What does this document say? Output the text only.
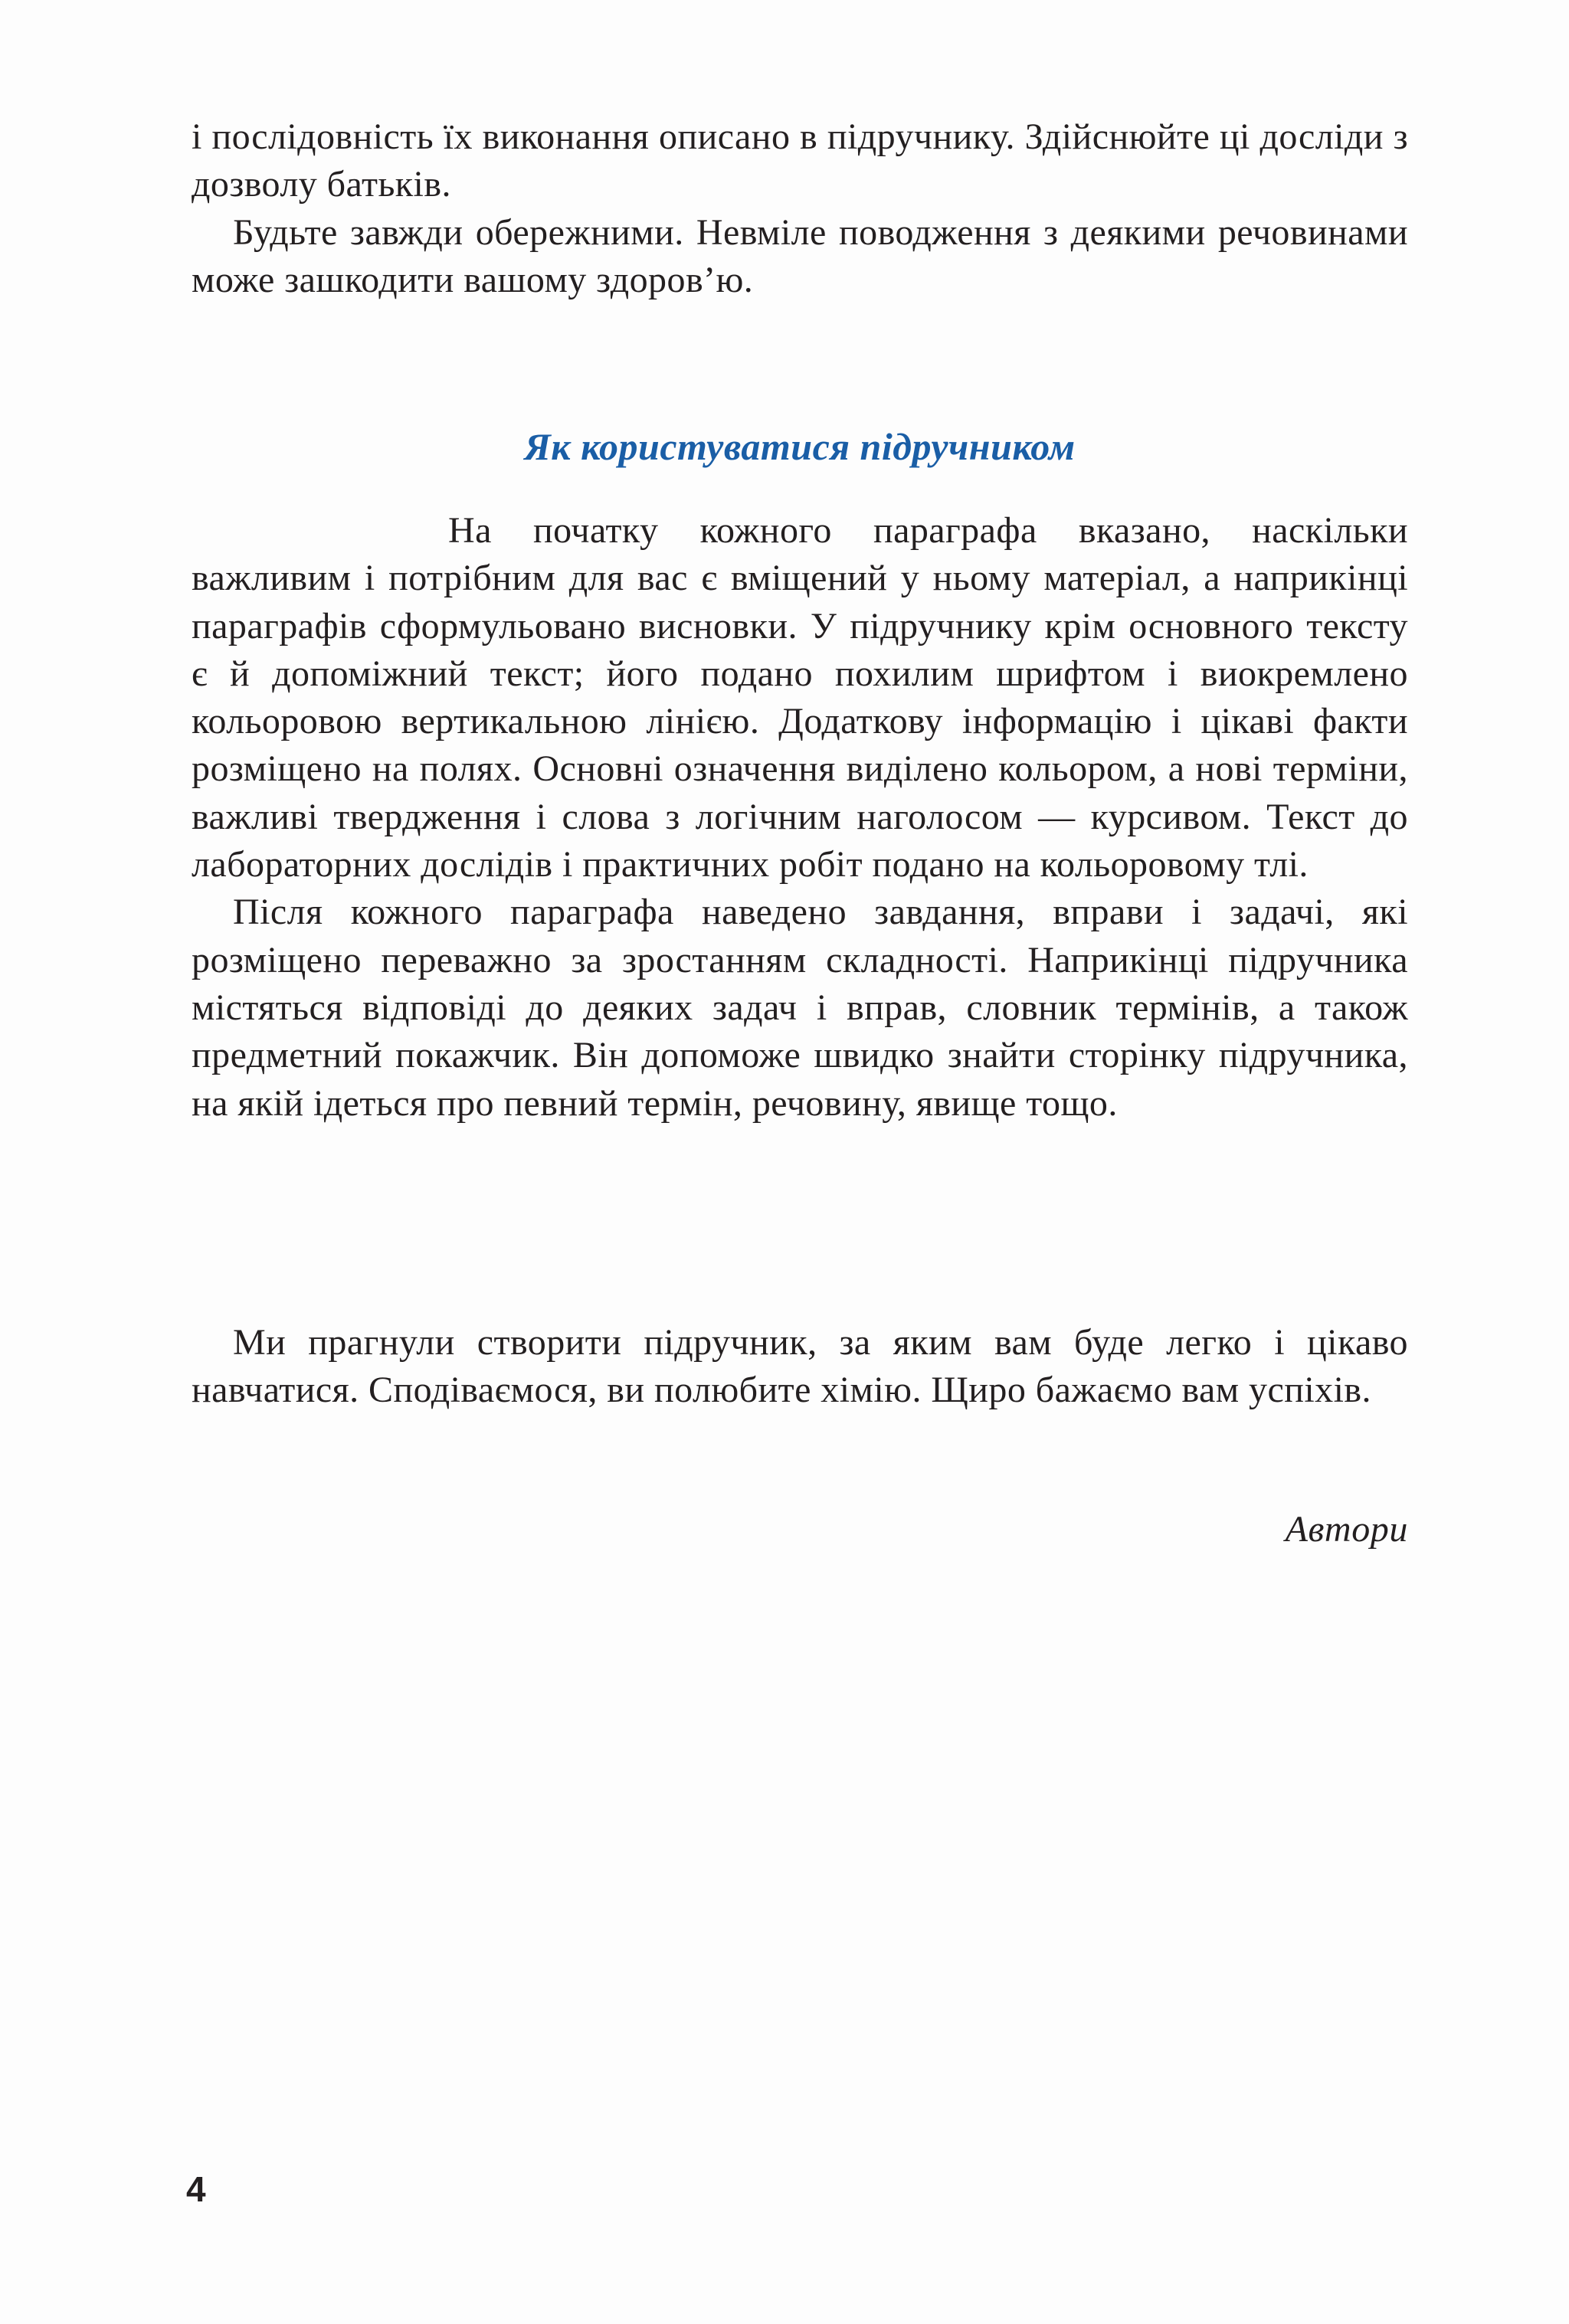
і послідовність їх виконання описано в підручнику. Здійснюйте ці досліди з дозволу батьків.

Будьте завжди обережними. Невміле поводження з деякими речовинами може зашкодити вашому здоров’ю.

Як користуватися підручником

На початку кожного параграфа вказано, наскільки важливим і потрібним для вас є вміщений у ньому матеріал, а наприкінці параграфів сформульовано висновки. У підручнику крім основного тексту є й допоміжний текст; його подано похилим шрифтом і виокремлено кольоровою вертикальною лінією. Додаткову інформацію і цікаві факти розміщено на полях. Основні означення виділено кольором, а нові терміни, важливі твердження і слова з логічним наголосом — курсивом. Текст до лабораторних дослідів і практичних робіт подано на кольоровому тлі.

Після кожного параграфа наведено завдання, вправи і задачі, які розміщено переважно за зростанням складності. Наприкінці підручника містяться відповіді до деяких задач і вправ, словник термінів, а також предметний покажчик. Він допоможе швидко знайти сторінку підручника, на якій ідеться про певний термін, речовину, явище тощо.

Ми прагнули створити підручник, за яким вам буде легко і цікаво навчатися. Сподіваємося, ви полюбите хімію. Щиро бажаємо вам успіхів.

Автори

4
